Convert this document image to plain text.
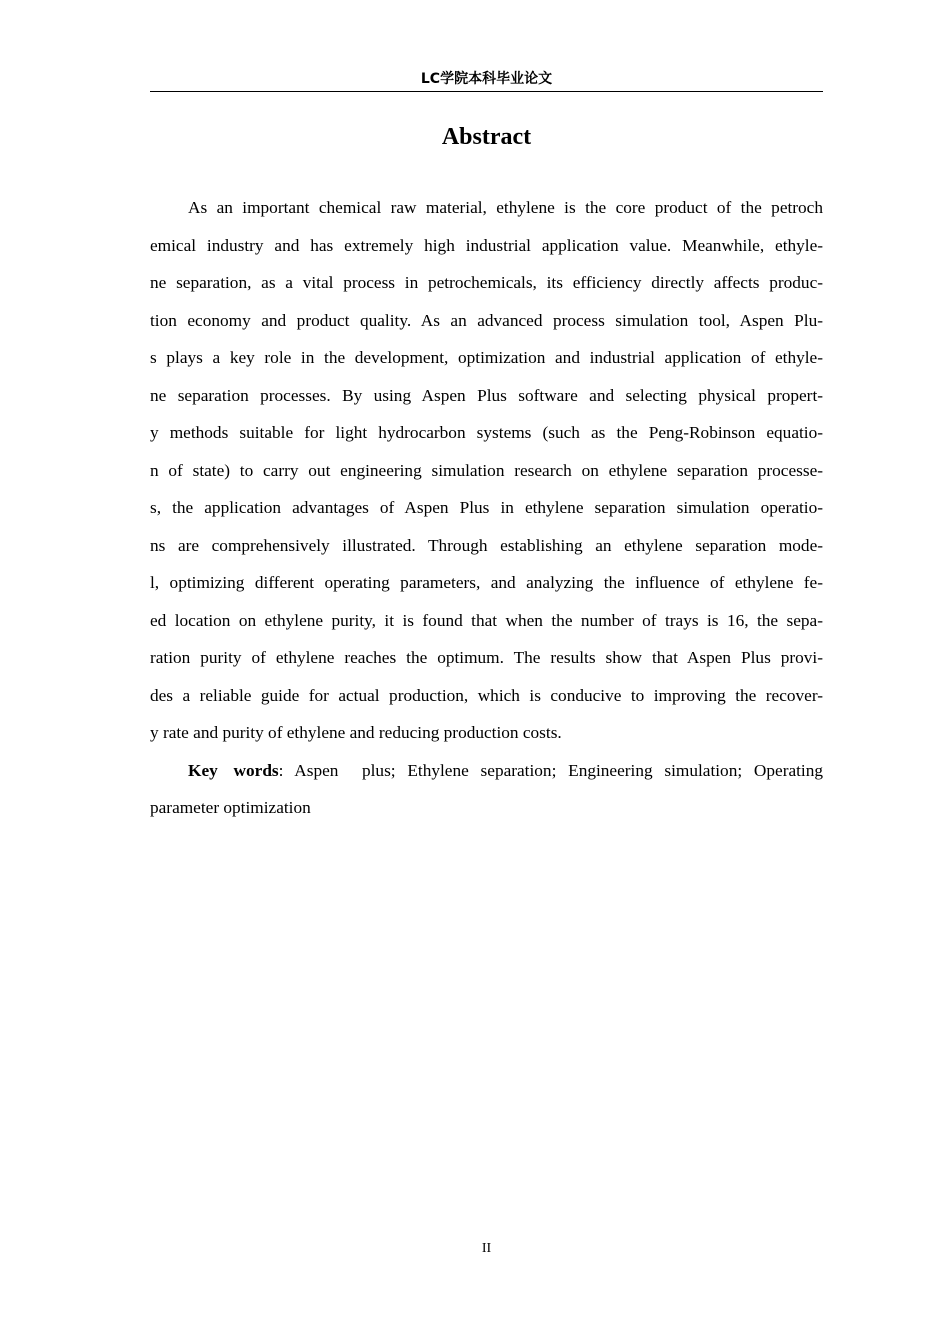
LC学院本科毕业论文
Abstract
As an important chemical raw material, ethylene is the core product of the petroch
emical industry and has extremely high industrial application value. Meanwhile, ethyle-
ne separation, as a vital process in petrochemicals, its efficiency directly affects produc-
tion economy and product quality. As an advanced process simulation tool, Aspen Plu-
s plays a key role in the development, optimization and industrial application of ethyle-
ne separation processes. By using Aspen Plus software and selecting physical propert-
y methods suitable for light hydrocarbon systems (such as the Peng-Robinson equatio-
n of state) to carry out engineering simulation research on ethylene separation processe-
s, the application advantages of Aspen Plus in ethylene separation simulation operatio-
ns are comprehensively illustrated. Through establishing an ethylene separation mode-
l, optimizing different operating parameters, and analyzing the influence of ethylene fe-
ed location on ethylene purity, it is found that when the number of trays is 16, the sepa-
ration purity of ethylene reaches the optimum. The results show that Aspen Plus provi-
des a reliable guide for actual production, which is conducive to improving the recover-
y rate and purity of ethylene and reducing production costs.
Key words: Aspen  plus; Ethylene separation; Engineering simulation; Operating
parameter optimization
II
